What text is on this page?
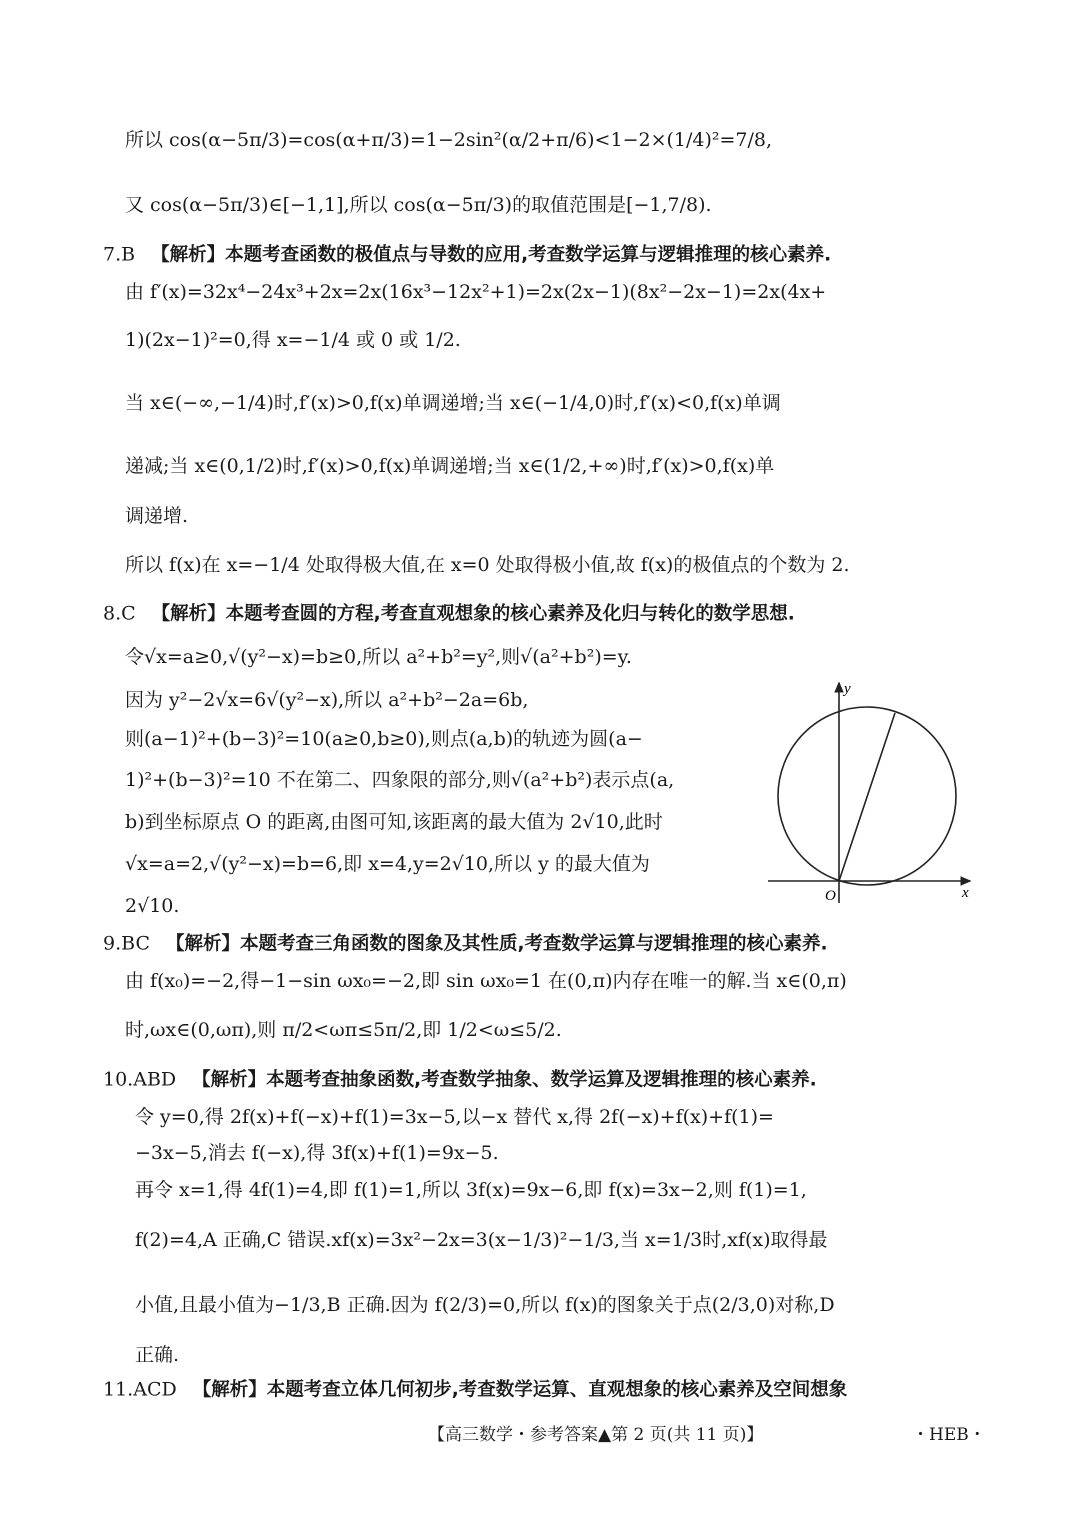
所以 cos(α−5π/3)=cos(α+π/3)=1−2sin²(α/2+π/6)<1−2×(1/4)²=7/8,
又 cos(α−5π/3)∈[−1,1],所以 cos(α−5π/3)的取值范围是[−1,7/8).
7.B 【解析】本题考查函数的极值点与导数的应用,考查数学运算与逻辑推理的核心素养.
由 f′(x)=32x⁴−24x³+2x=2x(16x³−12x²+1)=2x(2x−1)(8x²−2x−1)=2x(4x+
1)(2x−1)²=0,得 x=−1/4 或 0 或 1/2.
当 x∈(−∞,−1/4)时,f′(x)>0,f(x)单调递增;当 x∈(−1/4,0)时,f′(x)<0,f(x)单调
递减;当 x∈(0,1/2)时,f′(x)>0,f(x)单调递增;当 x∈(1/2,+∞)时,f′(x)>0,f(x)单
调递增.
所以 f(x)在 x=−1/4 处取得极大值,在 x=0 处取得极小值,故 f(x)的极值点的个数为 2.
8.C 【解析】本题考查圆的方程,考查直观想象的核心素养及化归与转化的数学思想.
令√x=a≥0,√(y²−x)=b≥0,所以 a²+b²=y²,则√(a²+b²)=y.
因为 y²−2√x=6√(y²−x),所以 a²+b²−2a=6b,
则(a−1)²+(b−3)²=10(a≥0,b≥0),则点(a,b)的轨迹为圆(a−
1)²+(b−3)²=10 不在第二、四象限的部分,则√(a²+b²)表示点(a,
b)到坐标原点 O 的距离,由图可知,该距离的最大值为 2√10,此时
√x=a=2,√(y²−x)=b=6,即 x=4,y=2√10,所以 y 的最大值为
2√10.
y
x
O
9.BC 【解析】本题考查三角函数的图象及其性质,考查数学运算与逻辑推理的核心素养.
由 f(x₀)=−2,得−1−sin ωx₀=−2,即 sin ωx₀=1 在(0,π)内存在唯一的解.当 x∈(0,π)
时,ωx∈(0,ωπ),则 π/2<ωπ≤5π/2,即 1/2<ω≤5/2.
10.ABD 【解析】本题考查抽象函数,考查数学抽象、数学运算及逻辑推理的核心素养.
令 y=0,得 2f(x)+f(−x)+f(1)=3x−5,以−x 替代 x,得 2f(−x)+f(x)+f(1)=
−3x−5,消去 f(−x),得 3f(x)+f(1)=9x−5.
再令 x=1,得 4f(1)=4,即 f(1)=1,所以 3f(x)=9x−6,即 f(x)=3x−2,则 f(1)=1,
f(2)=4,A 正确,C 错误.xf(x)=3x²−2x=3(x−1/3)²−1/3,当 x=1/3时,xf(x)取得最
小值,且最小值为−1/3,B 正确.因为 f(2/3)=0,所以 f(x)的图象关于点(2/3,0)对称,D
正确.
11.ACD 【解析】本题考查立体几何初步,考查数学运算、直观想象的核心素养及空间想象
【高三数学・参考答案▲第 2 页(共 11 页)】	・HEB・
